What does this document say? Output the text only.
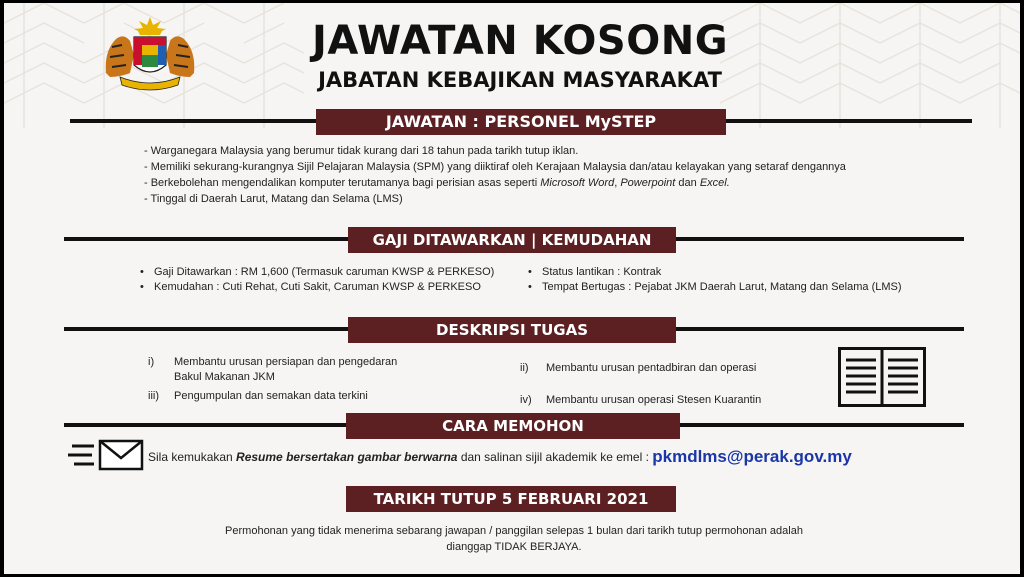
JAWATAN KOSONG
JABATAN KEBAJIKAN MASYARAKAT
JAWATAN : PERSONEL MySTEP
- Warganegara Malaysia yang berumur tidak kurang dari 18 tahun pada tarikh tutup iklan.
- Memiliki sekurang-kurangnya Sijil Pelajaran Malaysia (SPM) yang diiktiraf oleh Kerajaan Malaysia dan/atau kelayakan yang setaraf dengannya
- Berkebolehan mengendalikan komputer terutamanya bagi perisian asas seperti Microsoft Word, Powerpoint dan Excel.
- Tinggal di Daerah Larut, Matang dan Selama (LMS)
GAJI DITAWARKAN | KEMUDAHAN
• Gaji Ditawarkan : RM 1,600 (Termasuk caruman KWSP & PERKESO)
• Kemudahan : Cuti Rehat, Cuti Sakit, Caruman KWSP & PERKESO
• Status lantikan : Kontrak
• Tempat Bertugas : Pejabat JKM Daerah Larut, Matang dan Selama (LMS)
DESKRIPSI TUGAS
i) Membantu urusan persiapan dan pengedaran
Bakul Makanan JKM
ii) Membantu urusan pentadbiran dan operasi
iii) Pengumpulan dan semakan data terkini	iv) Membantu urusan operasi Stesen Kuarantin
CARA MEMOHON
Sila kemukakan Resume bersertakan gambar berwarna dan salinan sijil akademik ke emel : pkmdlms@perak.gov.my
TARIKH TUTUP 5 FEBRUARI 2021
Permohonan yang tidak menerima sebarang jawapan / panggilan selepas 1 bulan dari tarikh tutup permohonan adalah
dianggap TIDAK BERJAYA.
